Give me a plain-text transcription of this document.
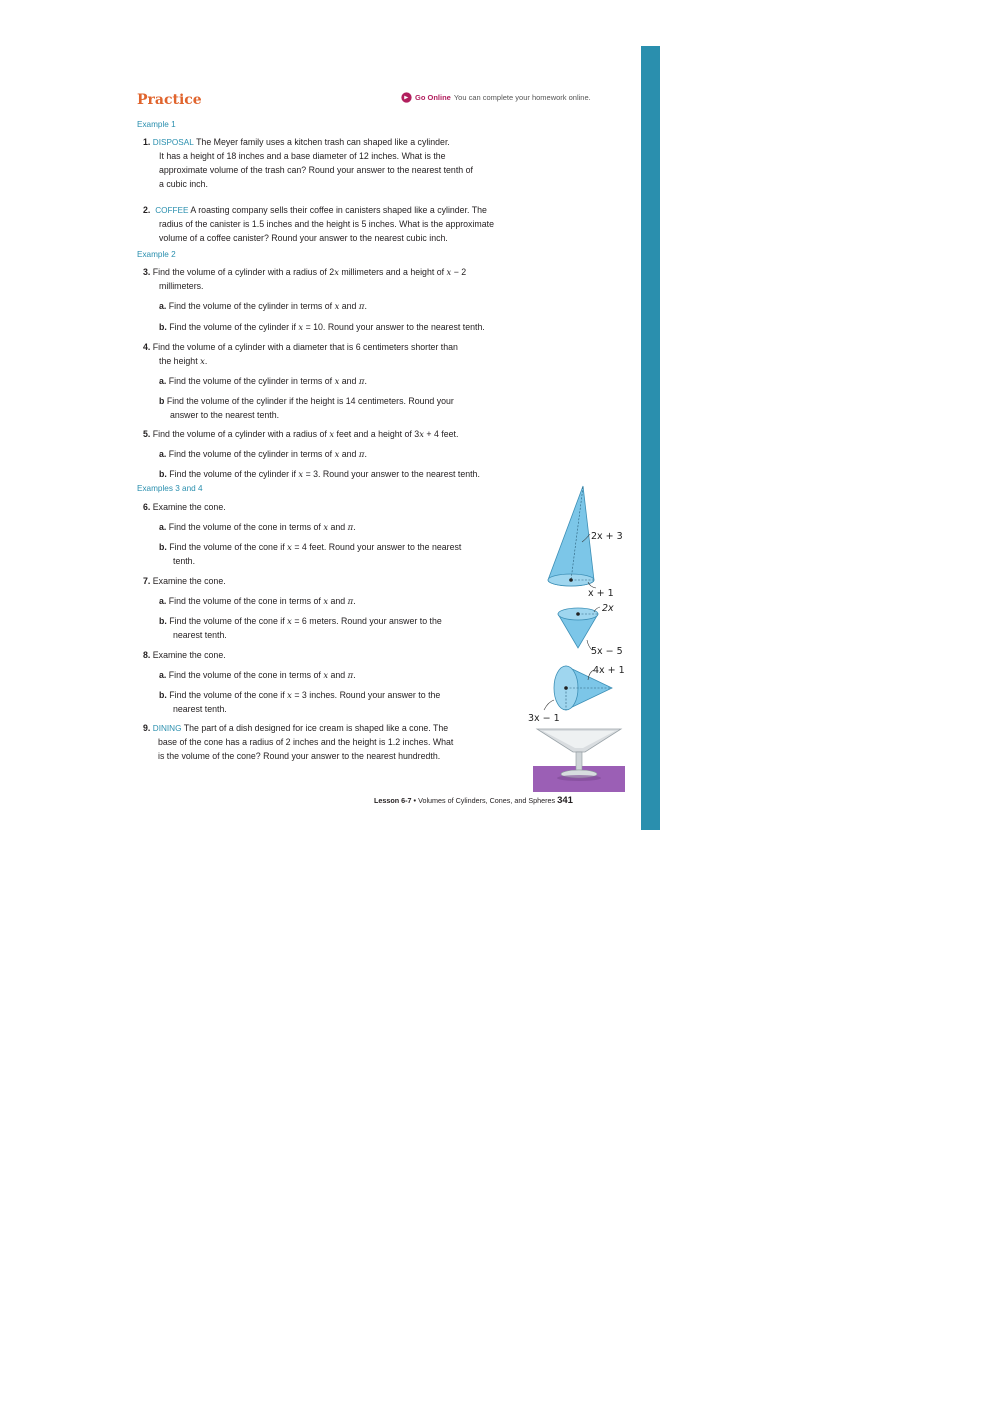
Practice	Go Online You can complete your homework online.
Example 1
1. DISPOSAL The Meyer family uses a kitchen trash can shaped like a cylinder.
It has a height of 18 inches and a base diameter of 12 inches. What is the
approximate volume of the trash can? Round your answer to the nearest tenth of
a cubic inch.
2. COFFEE A roasting company sells their coffee in canisters shaped like a cylinder. The
radius of the canister is 1.5 inches and the height is 5 inches. What is the approximate
volume of a coffee canister? Round your answer to the nearest cubic inch.
Example 2
3. Find the volume of a cylinder with a radius of 2x millimeters and a height of x − 2
millimeters.
a. Find the volume of the cylinder in terms of x and π.
b. Find the volume of the cylinder if x = 10. Round your answer to the nearest tenth.
4. Find the volume of a cylinder with a diameter that is 6 centimeters shorter than
the height x.
a. Find the volume of the cylinder in terms of x and π.
b Find the volume of the cylinder if the height is 14 centimeters. Round your
answer to the nearest tenth.
5. Find the volume of a cylinder with a radius of x feet and a height of 3x + 4 feet.
a. Find the volume of the cylinder in terms of x and π.
b. Find the volume of the cylinder if x = 3. Round your answer to the nearest tenth.
Examples 3 and 4
6. Examine the cone.
a. Find the volume of the cone in terms of x and π.
b. Find the volume of the cone if x = 4 feet. Round your answer to the nearest
tenth.
7. Examine the cone.
a. Find the volume of the cone in terms of x and π.
b. Find the volume of the cone if x = 6 meters. Round your answer to the
nearest tenth.
8. Examine the cone.
a. Find the volume of the cone in terms of x and π.
b. Find the volume of the cone if x = 3 inches. Round your answer to the
nearest tenth.
9. DINING The part of a dish designed for ice cream is shaped like a cone. The
base of the cone has a radius of 2 inches and the height is 1.2 inches. What
is the volume of the cone? Round your answer to the nearest hundredth.
2x + 3
x + 1
2x
5x − 5
4x + 1
3x − 1
Lesson 6-7 • Volumes of Cylinders, Cones, and Spheres 341
